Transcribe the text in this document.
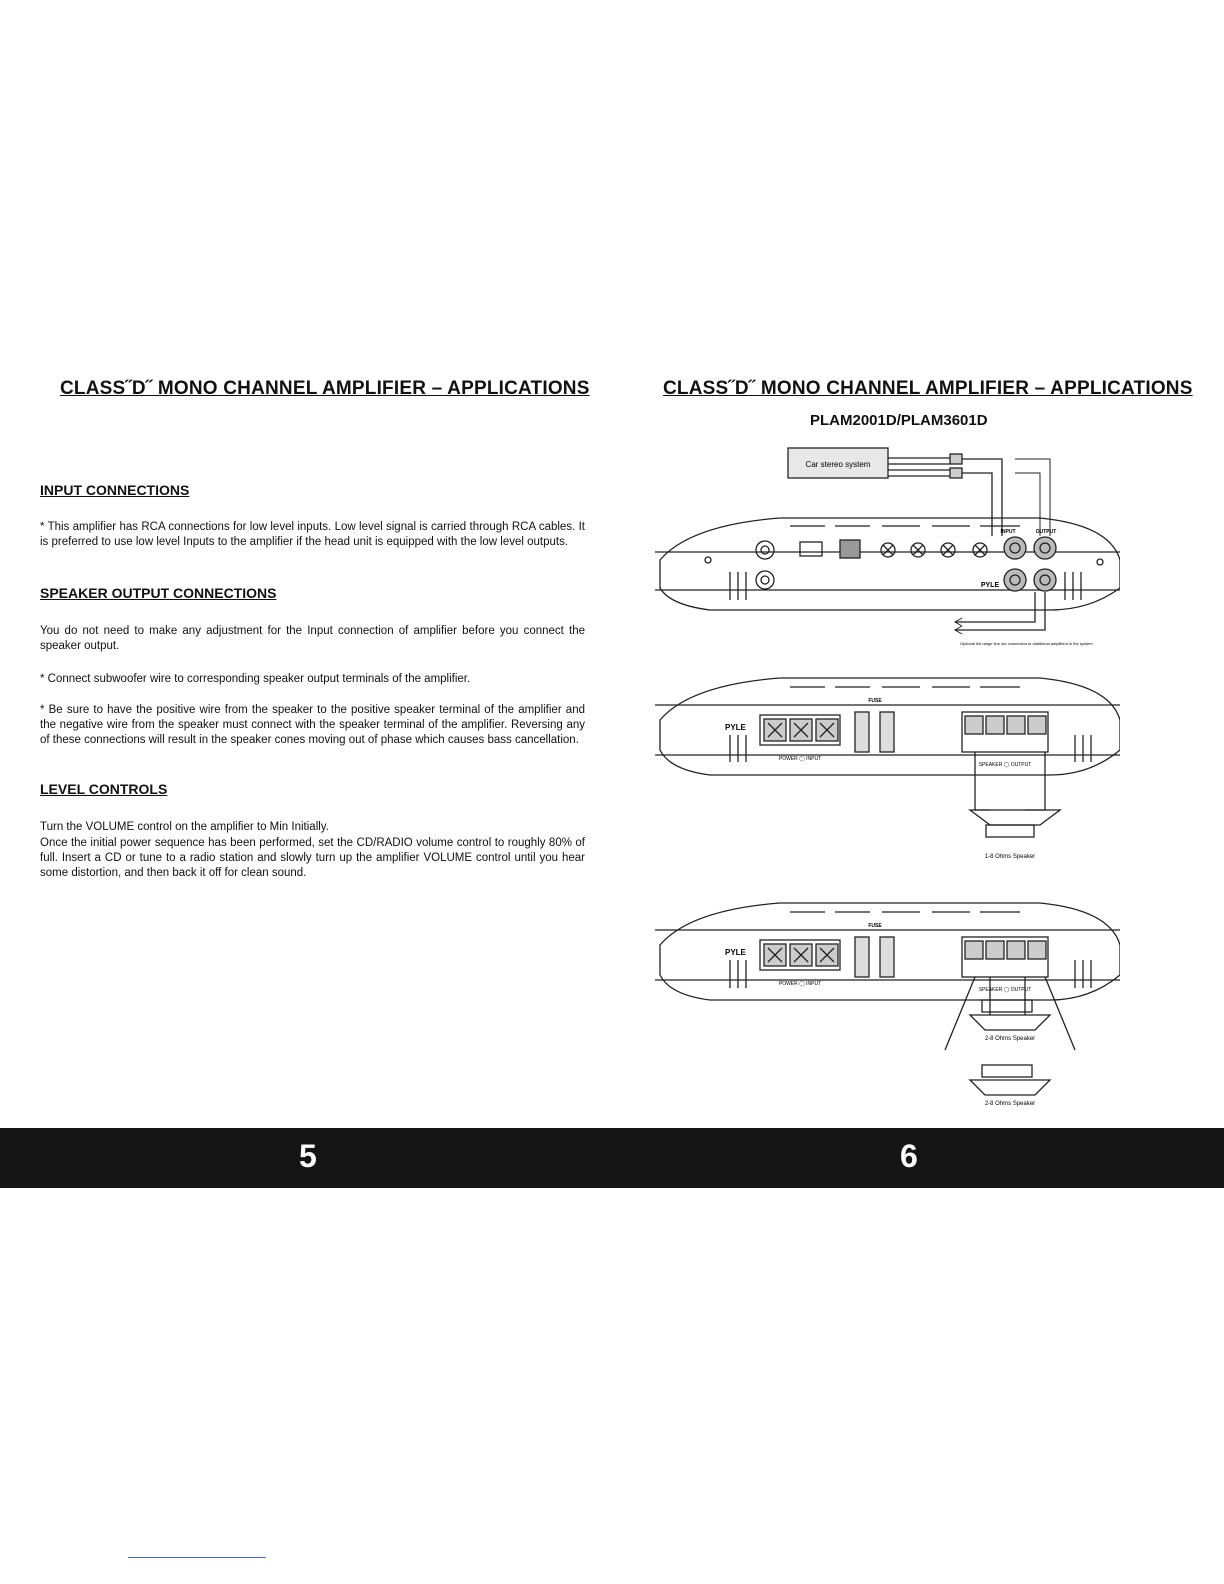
CLASS˝D˝ MONO CHANNEL AMPLIFIER – APPLICATIONS
INPUT CONNECTIONS
* This amplifier has RCA connections for low level inputs. Low level signal is carried through RCA cables. It is preferred to use low level Inputs to the amplifier if the head unit is equipped with the low level outputs.
SPEAKER OUTPUT CONNECTIONS
You do not need to make any adjustment for the Input connection of amplifier before you connect the speaker output.
* Connect subwoofer wire to corresponding speaker output terminals of the amplifier.
* Be sure to have the positive wire from the speaker to the positive speaker terminal of the amplifier and the negative wire from the speaker must connect with the speaker terminal of the amplifier. Reversing any of these connections will result in the speaker cones moving out of phase which causes bass cancellation.
LEVEL CONTROLS
Turn the VOLUME control on the amplifier to Min Initially.
Once the initial power sequence has been performed, set the CD/RADIO volume control to roughly 80% of full. Insert a CD or tune to a radio station and slowly turn up the amplifier VOLUME control until you hear some distortion, and then back it off for clean sound.
CLASS˝D˝ MONO CHANNEL AMPLIFIER – APPLICATIONS
PLAM2001D/PLAM3601D
Car stereo system
INPUT	OUTPUT
PYLE
Optional full range line out connection to additional amplifiers in the system
PYLE
FUSE
POWER ◯ INPUT
SPEAKER ◯ OUTPUT
1-8 Ohms Speaker
PYLE
FUSE
POWER ◯ INPUT
SPEAKER ◯ OUTPUT
2-8 Ohms Speaker
2-8 Ohms Speaker
5	6
